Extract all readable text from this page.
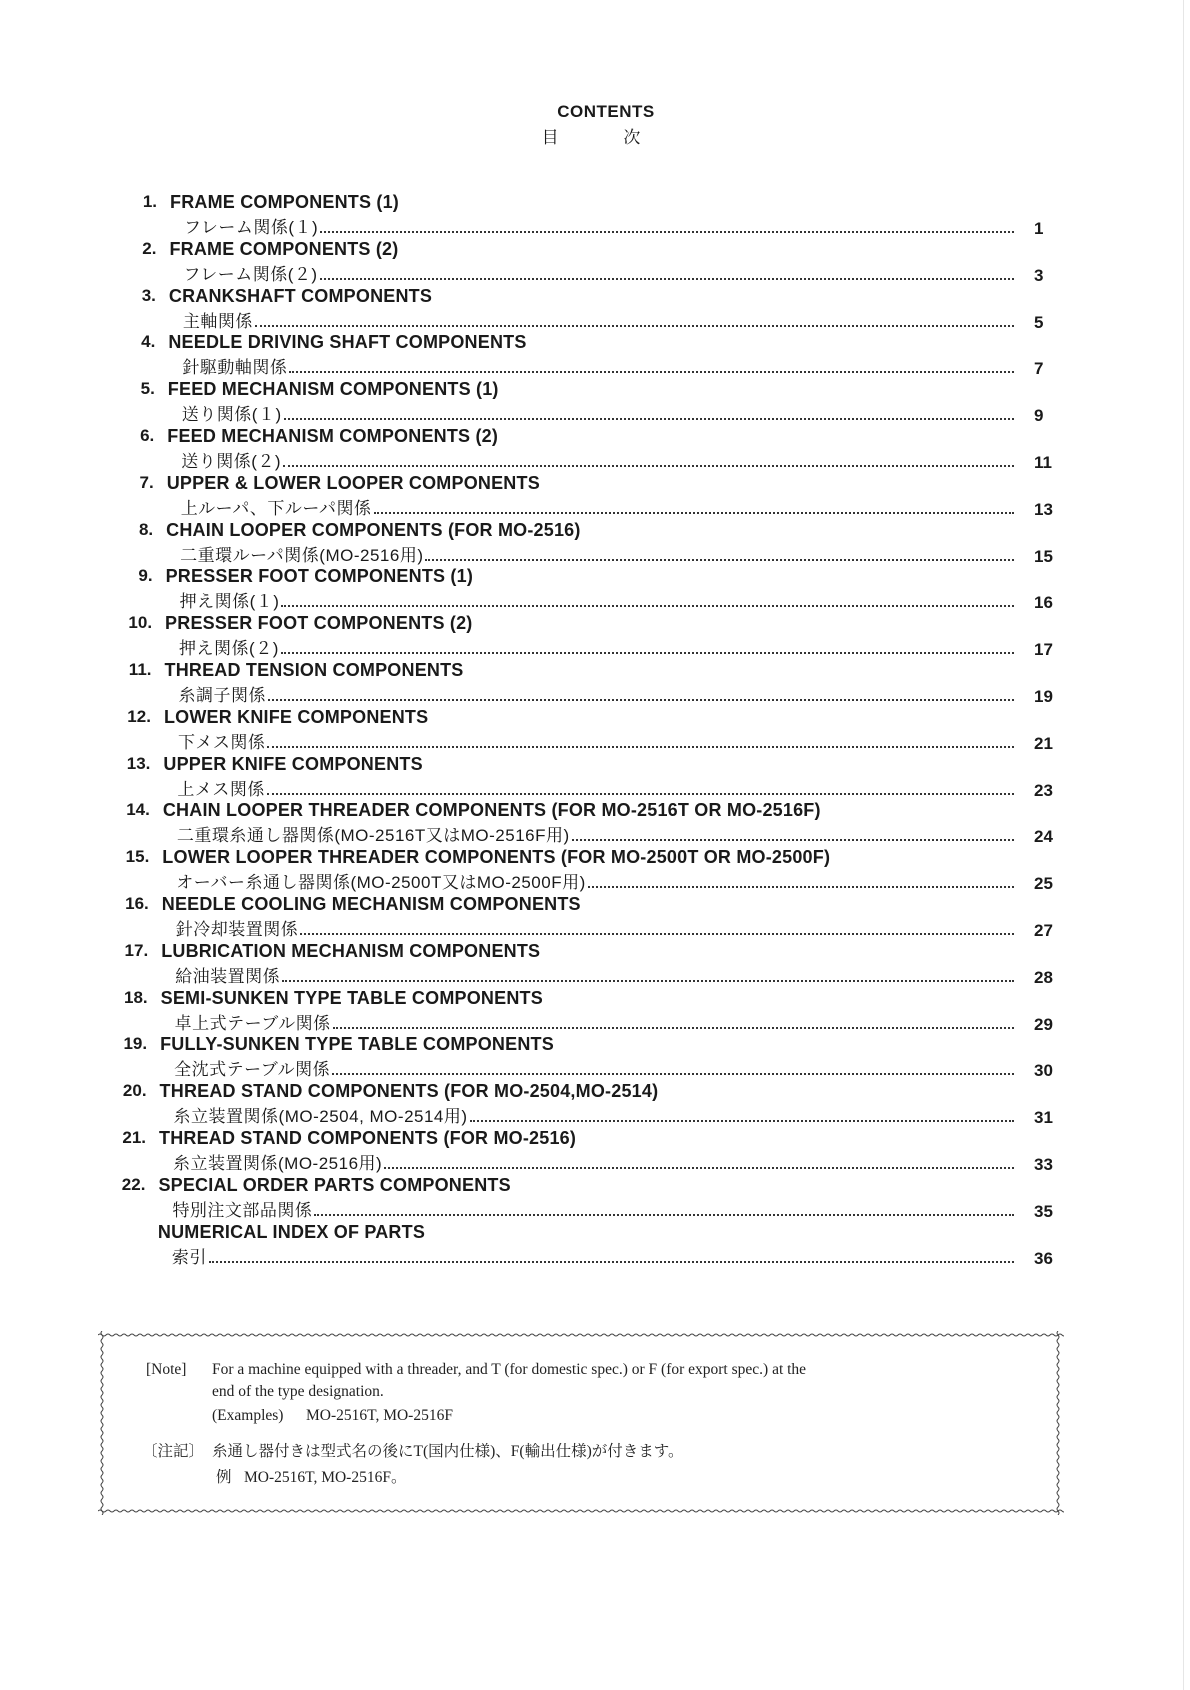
CONTENTS
目 次
1. FRAME COMPONENTS (1)
フレーム関係(１)	1
2. FRAME COMPONENTS (2)
フレーム関係(２)	3
3. CRANKSHAFT COMPONENTS
主軸関係	5
4. NEEDLE DRIVING SHAFT COMPONENTS
針駆動軸関係	7
5. FEED MECHANISM COMPONENTS (1)
送り関係(１)	9
6. FEED MECHANISM COMPONENTS (2)
送り関係(２)	11
7. UPPER & LOWER LOOPER COMPONENTS
上ルーパ、下ルーパ関係	13
8. CHAIN LOOPER COMPONENTS (FOR MO-2516)
二重環ルーパ関係(MO-2516用)	15
9. PRESSER FOOT COMPONENTS (1)
押え関係(１)	16
10. PRESSER FOOT COMPONENTS (2)
押え関係(２)	17
11. THREAD TENSION COMPONENTS
糸調子関係	19
12. LOWER KNIFE COMPONENTS
下メス関係	21
13. UPPER KNIFE COMPONENTS
上メス関係	23
14. CHAIN LOOPER THREADER COMPONENTS (FOR MO-2516T OR MO-2516F)
二重環糸通し器関係(MO-2516T又はMO-2516F用)	24
15. LOWER LOOPER THREADER COMPONENTS (FOR MO-2500T OR MO-2500F)
オーバー糸通し器関係(MO-2500T又はMO-2500F用)	25
16. NEEDLE COOLING MECHANISM COMPONENTS
針冷却装置関係	27
17. LUBRICATION MECHANISM COMPONENTS
給油装置関係	28
18. SEMI-SUNKEN TYPE TABLE COMPONENTS
卓上式テーブル関係	29
19. FULLY-SUNKEN TYPE TABLE COMPONENTS
全沈式テーブル関係	30
20. THREAD STAND COMPONENTS (FOR MO-2504,MO-2514)
糸立装置関係(MO-2504, MO-2514用)	31
21. THREAD STAND COMPONENTS (FOR MO-2516)
糸立装置関係(MO-2516用)	33
22. SPECIAL ORDER PARTS COMPONENTS
特別注文部品関係	35
NUMERICAL INDEX OF PARTS
索引	36
[Note] For a machine equipped with a threader, and T (for domestic spec.) or F (for export spec.) at the
end of the type designation.
(Examples) MO-2516T, MO-2516F
〔注記〕 糸通し器付きは型式名の後にT(国内仕様)、F(輸出仕様)が付きます。
例 MO-2516T, MO-2516F。
